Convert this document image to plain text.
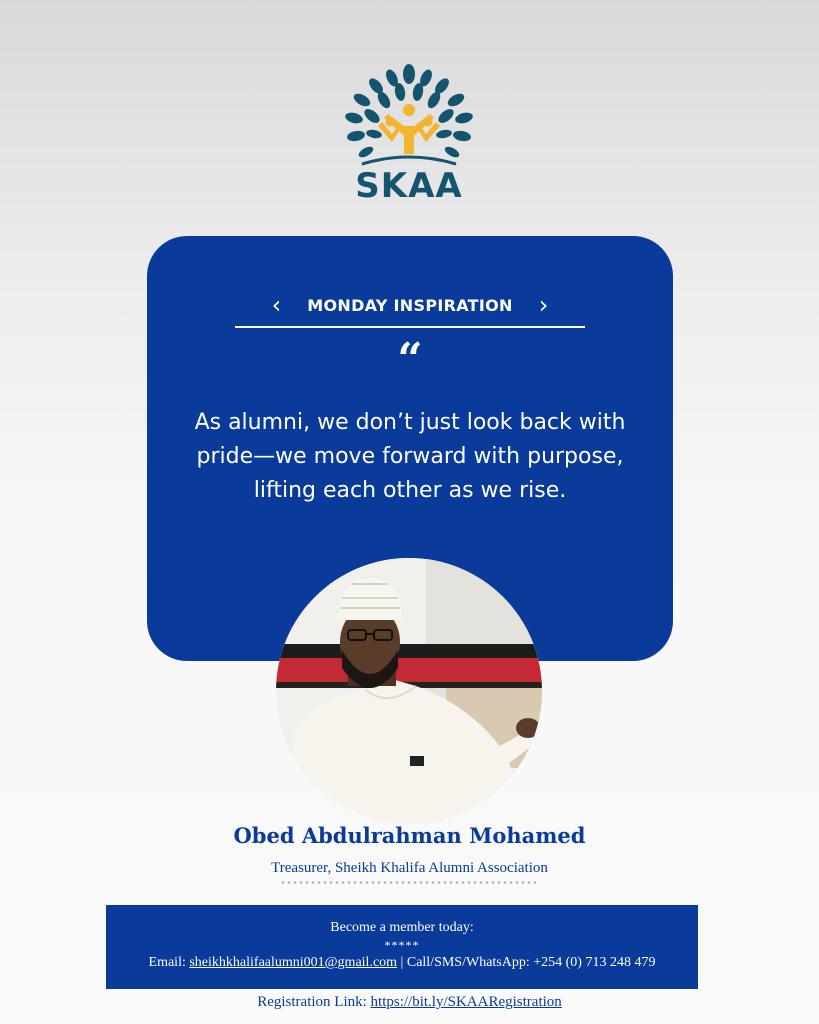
SKAA
‹	MONDAY INSPIRATION	›
“
As alumni, we don’t just look back with pride—we move forward with purpose, lifting each other as we rise.
Obed Abdulrahman Mohamed
Treasurer, Sheikh Khalifa Alumni Association
Become a member today:
*****
Email: sheikhkhalifaalumni001@gmail.com | Call/SMS/WhatsApp: +254 (0) 713 248 479
Registration Link: https://bit.ly/SKAARegistration
